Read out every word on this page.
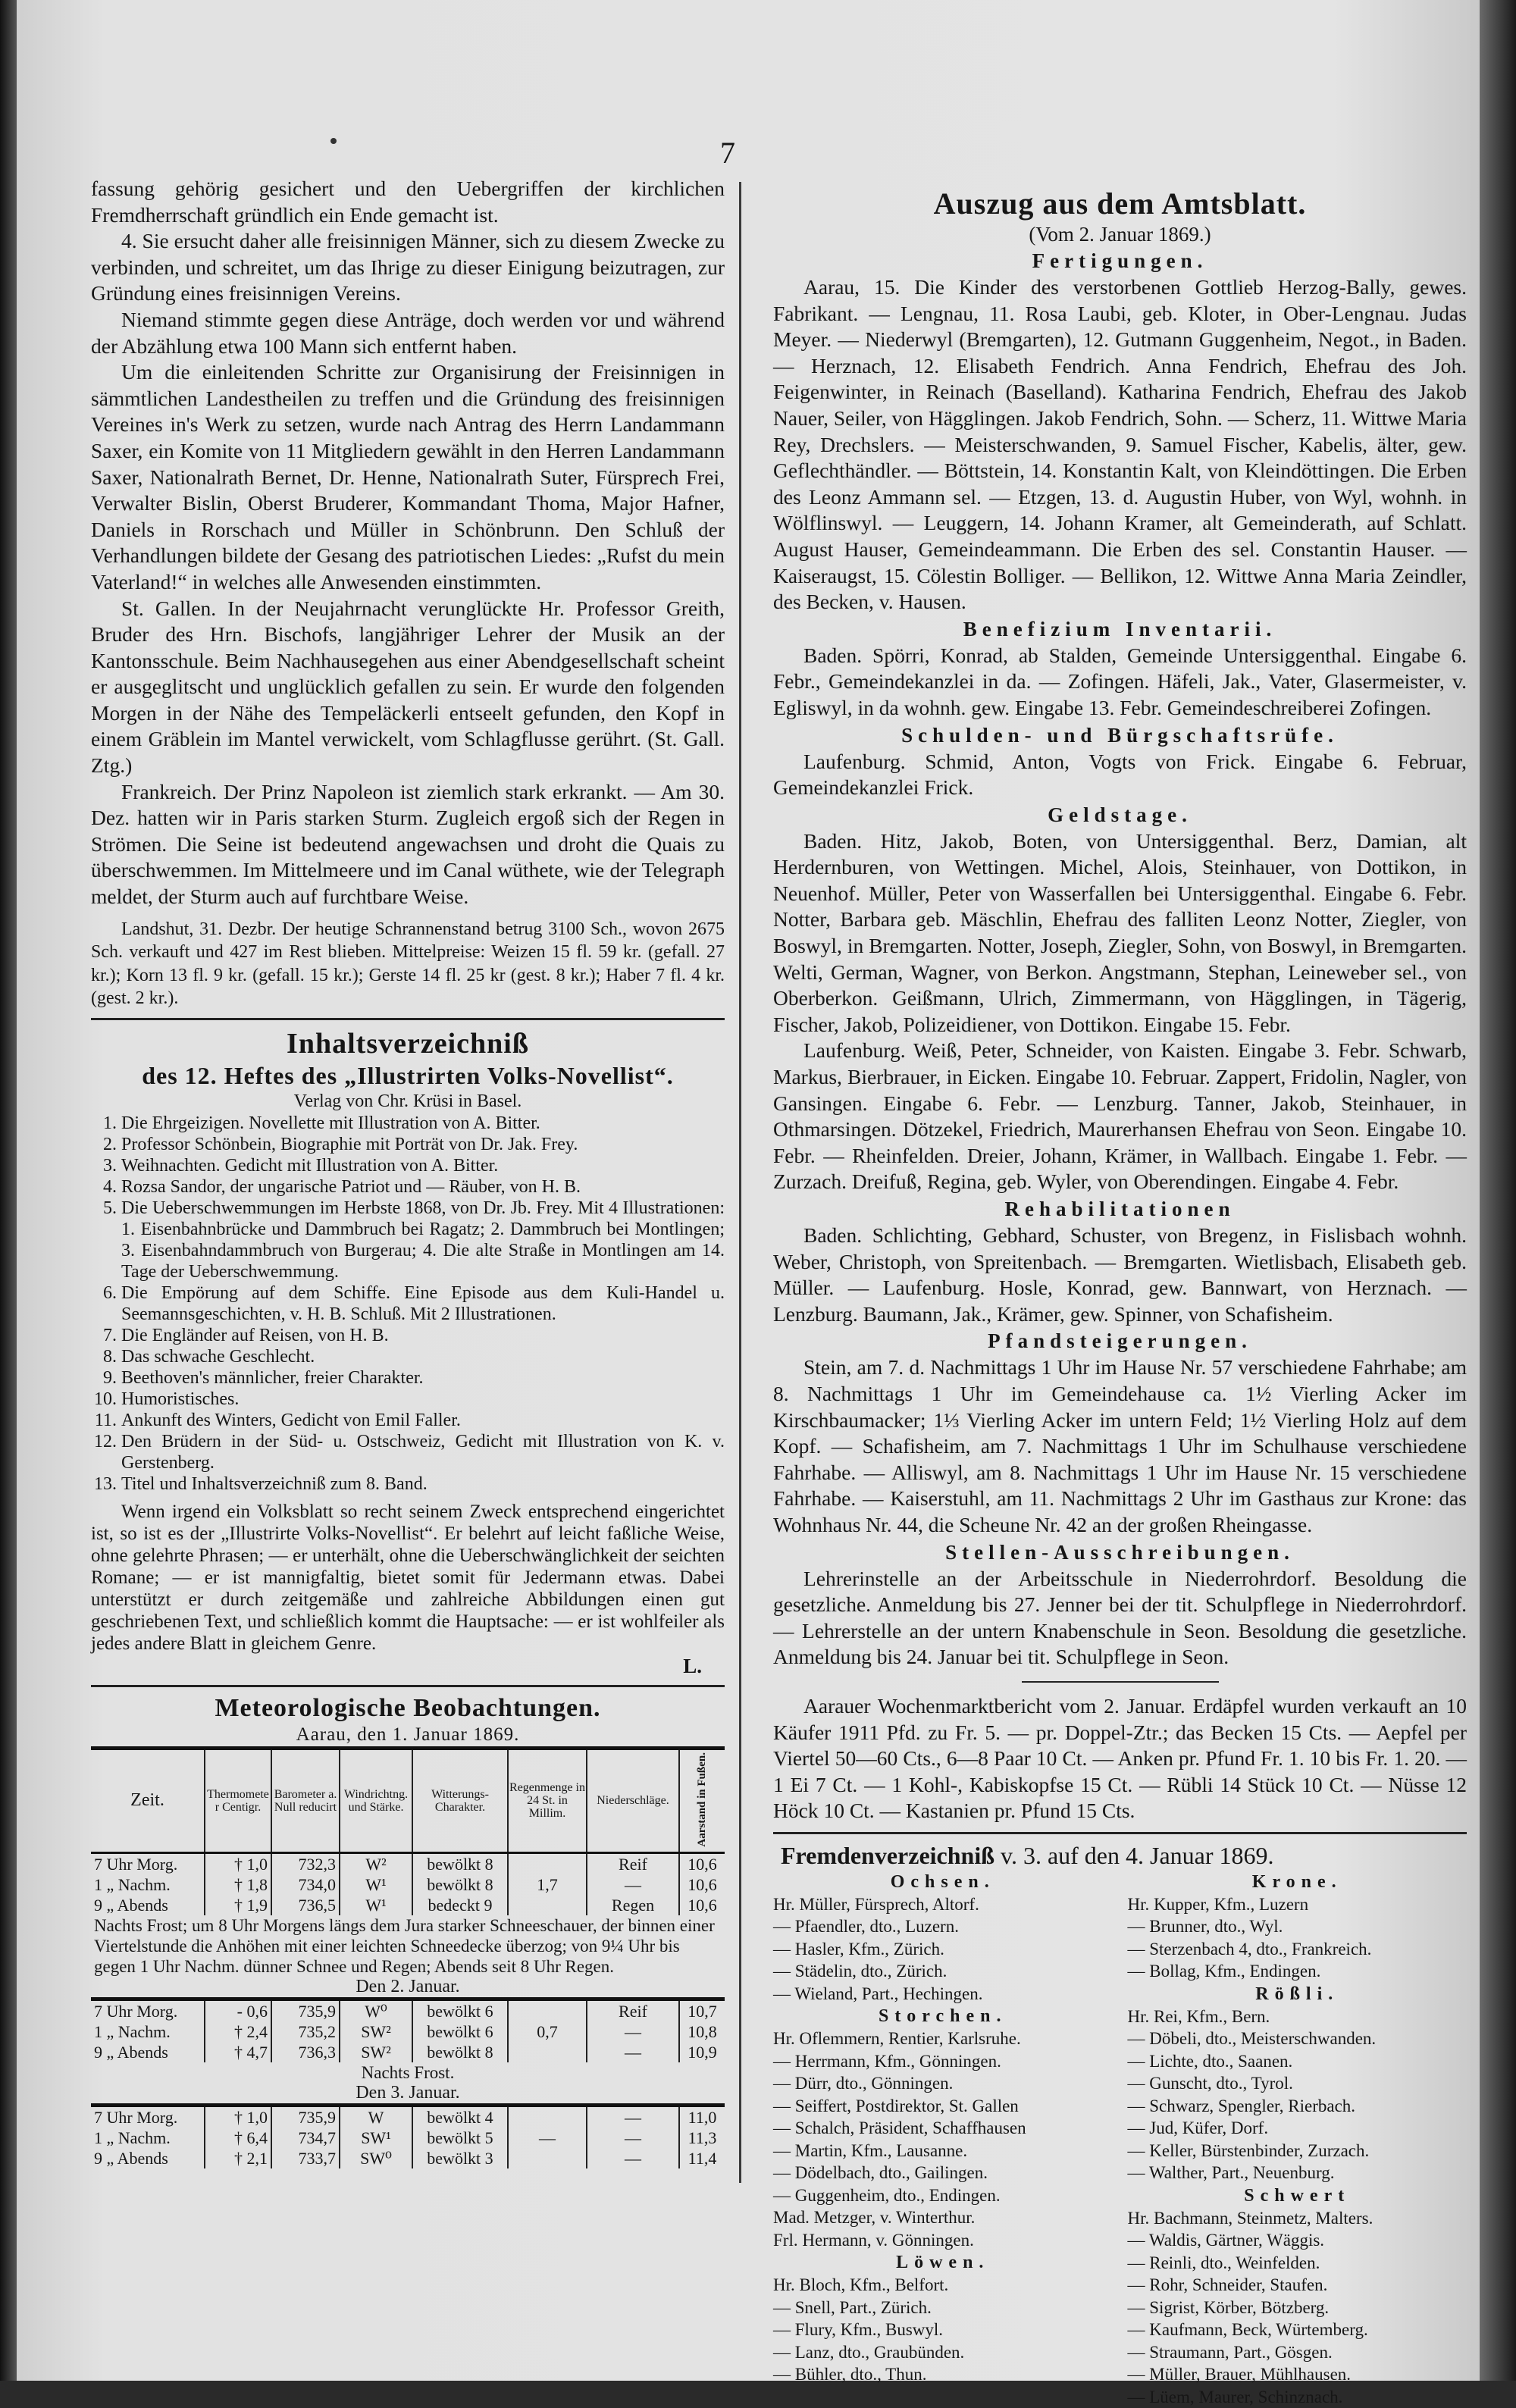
7

fassung gehörig gesichert und den Uebergriffen der kirchlichen Fremdherrschaft gründlich ein Ende gemacht ist.

4. Sie ersucht daher alle freisinnigen Männer, sich zu diesem Zwecke zu verbinden, und schreitet, um das Ihrige zu dieser Einigung beizutragen, zur Gründung eines freisinnigen Vereins.

Niemand stimmte gegen diese Anträge, doch werden vor und während der Abzählung etwa 100 Mann sich entfernt haben.

Um die einleitenden Schritte zur Organisirung der Freisinnigen in sämmtlichen Landestheilen zu treffen und die Gründung des freisinnigen Vereines in's Werk zu setzen, wurde nach Antrag des Herrn Landammann Saxer, ein Komite von 11 Mitgliedern gewählt in den Herren Landammann Saxer, Nationalrath Bernet, Dr. Henne, Nationalrath Suter, Fürsprech Frei, Verwalter Bislin, Oberst Bruderer, Kommandant Thoma, Major Hafner, Daniels in Rorschach und Müller in Schönbrunn. Den Schluß der Verhandlungen bildete der Gesang des patriotischen Liedes: „Rufst du mein Vaterland!“ in welches alle Anwesenden einstimmten.

St. Gallen. In der Neujahrnacht verunglückte Hr. Professor Greith, Bruder des Hrn. Bischofs, langjähriger Lehrer der Musik an der Kantonsschule. Beim Nachhausegehen aus einer Abendgesellschaft scheint er ausgeglitscht und unglücklich gefallen zu sein. Er wurde den folgenden Morgen in der Nähe des Tempeläckerli entseelt gefunden, den Kopf in einem Gräblein im Mantel verwickelt, vom Schlagflusse gerührt. (St. Gall. Ztg.)

Frankreich. Der Prinz Napoleon ist ziemlich stark erkrankt. — Am 30. Dez. hatten wir in Paris starken Sturm. Zugleich ergoß sich der Regen in Strömen. Die Seine ist bedeutend angewachsen und droht die Quais zu überschwemmen. Im Mittelmeere und im Canal wüthete, wie der Telegraph meldet, der Sturm auch auf furchtbare Weise.

Landshut, 31. Dezbr. Der heutige Schrannenstand betrug 3100 Sch., wovon 2675 Sch. verkauft und 427 im Rest blieben. Mittelpreise: Weizen 15 fl. 59 kr. (gefall. 27 kr.); Korn 13 fl. 9 kr. (gefall. 15 kr.); Gerste 14 fl. 25 kr (gest. 8 kr.); Haber 7 fl. 4 kr. (gest. 2 kr.).

Inhaltsverzeichniß
des 12. Heftes des „Illustrirten Volks-Novellist“.
Verlag von Chr. Krüsi in Basel.
1. Die Ehrgeizigen. Novellette mit Illustration von A. Bitter.
2. Professor Schönbein, Biographie mit Porträt von Dr. Jak. Frey.
3. Weihnachten. Gedicht mit Illustration von A. Bitter.
4. Rozsa Sandor, der ungarische Patriot und — Räuber, von H. B.
5. Die Ueberschwemmungen im Herbste 1868, von Dr. Jb. Frey. Mit 4 Illustrationen: 1. Eisenbahnbrücke und Dammbruch bei Ragatz; 2. Dammbruch bei Montlingen; 3. Eisenbahndammbruch von Burgerau; 4. Die alte Straße in Montlingen am 14. Tage der Ueberschwemmung.
6. Die Empörung auf dem Schiffe. Eine Episode aus dem Kuli-Handel u. Seemannsgeschichten, v. H. B. Schluß. Mit 2 Illustrationen.
7. Die Engländer auf Reisen, von H. B.
8. Das schwache Geschlecht.
9. Beethoven's männlicher, freier Charakter.
10. Humoristisches.
11. Ankunft des Winters, Gedicht von Emil Faller.
12. Den Brüdern in der Süd- u. Ostschweiz, Gedicht mit Illustration von K. v. Gerstenberg.
13. Titel und Inhaltsverzeichniß zum 8. Band.

Wenn irgend ein Volksblatt so recht seinem Zweck entsprechend eingerichtet ist, so ist es der „Illustrirte Volks-Novellist“. Er belehrt auf leicht faßliche Weise, ohne gelehrte Phrasen; — er unterhält, ohne die Ueberschwänglichkeit der seichten Romane; — er ist mannigfaltig, bietet somit für Jedermann etwas. Dabei unterstützt er durch zeitgemäße und zahlreiche Abbildungen einen gut geschriebenen Text, und schließlich kommt die Hauptsache: — er ist wohlfeiler als jedes andere Blatt in gleichem Genre.

L.
Meteorologische Beobachtungen.
Aarau, den 1. Januar 1869.
Zeit.	Thermometer Centigr.	Barometer a. Null reducirt	Windrichtng. und Stärke.	Witterungs-Charakter.	Regenmenge in 24 St. in Millim.	Niederschläge.	Aarstand in Fußen.
7 Uhr Morg.	† 1,0	732,3	W²	bewölkt 8		Reif	10,6
1 „ Nachm.	† 1,8	734,0	W¹	bewölkt 8	1,7	—	10,6
9 „ Abends	† 1,9	736,5	W¹	bedeckt 9		Regen	10,6
Nachts Frost; um 8 Uhr Morgens längs dem Jura starker Schneeschauer, der binnen einer Viertelstunde die Anhöhen mit einer leichten Schneedecke überzog; von 9¼ Uhr bis gegen 1 Uhr Nachm. dünner Schnee und Regen; Abends seit 8 Uhr Regen.							
Den 2. Januar.							
7 Uhr Morg.	- 0,6	735,9	W⁰	bewölkt 6		Reif	10,7
1 „ Nachm.	† 2,4	735,2	SW²	bewölkt 6	0,7	—	10,8
9 „ Abends	† 4,7	736,3	SW²	bewölkt 8		—	10,9
Nachts Frost.							
Den 3. Januar.							
7 Uhr Morg.	† 1,0	735,9	W	bewölkt 4		—	11,0
1 „ Nachm.	† 6,4	734,7	SW¹	bewölkt 5	—	—	11,3
9 „ Abends	† 2,1	733,7	SW⁰	bewölkt 3		—	11,4
Auszug aus dem Amtsblatt.
(Vom 2. Januar 1869.)
Fertigungen.

Aarau, 15. Die Kinder des verstorbenen Gottlieb Herzog-Bally, gewes. Fabrikant. — Lengnau, 11. Rosa Laubi, geb. Kloter, in Ober-Lengnau. Judas Meyer. — Niederwyl (Bremgarten), 12. Gutmann Guggenheim, Negot., in Baden. — Herznach, 12. Elisabeth Fendrich. Anna Fendrich, Ehefrau des Joh. Feigenwinter, in Reinach (Baselland). Katharina Fendrich, Ehefrau des Jakob Nauer, Seiler, von Hägglingen. Jakob Fendrich, Sohn. — Scherz, 11. Wittwe Maria Rey, Drechslers. — Meisterschwanden, 9. Samuel Fischer, Kabelis, älter, gew. Geflechthändler. — Böttstein, 14. Konstantin Kalt, von Kleindöttingen. Die Erben des Leonz Ammann sel. — Etzgen, 13. d. Augustin Huber, von Wyl, wohnh. in Wölflinswyl. — Leuggern, 14. Johann Kramer, alt Gemeinderath, auf Schlatt. August Hauser, Gemeindeammann. Die Erben des sel. Constantin Hauser. — Kaiseraugst, 15. Cölestin Bolliger. — Bellikon, 12. Wittwe Anna Maria Zeindler, des Becken, v. Hausen.

Benefizium Inventarii.

Baden. Spörri, Konrad, ab Stalden, Gemeinde Untersiggenthal. Eingabe 6. Febr., Gemeindekanzlei in da. — Zofingen. Häfeli, Jak., Vater, Glasermeister, v. Egliswyl, in da wohnh. gew. Eingabe 13. Febr. Gemeindeschreiberei Zofingen.

Schulden- und Bürgschaftsrüfe.

Laufenburg. Schmid, Anton, Vogts von Frick. Eingabe 6. Februar, Gemeindekanzlei Frick.

Geldstage.

Baden. Hitz, Jakob, Boten, von Untersiggenthal. Berz, Damian, alt Herdernburen, von Wettingen. Michel, Alois, Steinhauer, von Dottikon, in Neuenhof. Müller, Peter von Wasserfallen bei Untersiggenthal. Eingabe 6. Febr. Notter, Barbara geb. Mäschlin, Ehefrau des falliten Leonz Notter, Ziegler, von Boswyl, in Bremgarten. Notter, Joseph, Ziegler, Sohn, von Boswyl, in Bremgarten. Welti, German, Wagner, von Berkon. Angstmann, Stephan, Leineweber sel., von Oberberkon. Geißmann, Ulrich, Zimmermann, von Hägglingen, in Tägerig, Fischer, Jakob, Polizeidiener, von Dottikon. Eingabe 15. Febr.

Laufenburg. Weiß, Peter, Schneider, von Kaisten. Eingabe 3. Febr. Schwarb, Markus, Bierbrauer, in Eicken. Eingabe 10. Februar. Zappert, Fridolin, Nagler, von Gansingen. Eingabe 6. Febr. — Lenzburg. Tanner, Jakob, Steinhauer, in Othmarsingen. Dötzekel, Friedrich, Maurerhansen Ehefrau von Seon. Eingabe 10. Febr. — Rheinfelden. Dreier, Johann, Krämer, in Wallbach. Eingabe 1. Febr. — Zurzach. Dreifuß, Regina, geb. Wyler, von Oberendingen. Eingabe 4. Febr.

Rehabilitationen

Baden. Schlichting, Gebhard, Schuster, von Bregenz, in Fislisbach wohnh. Weber, Christoph, von Spreitenbach. — Bremgarten. Wietlisbach, Elisabeth geb. Müller. — Laufenburg. Hosle, Konrad, gew. Bannwart, von Herznach. — Lenzburg. Baumann, Jak., Krämer, gew. Spinner, von Schafisheim.

Pfandsteigerungen.

Stein, am 7. d. Nachmittags 1 Uhr im Hause Nr. 57 verschiedene Fahrhabe; am 8. Nachmittags 1 Uhr im Gemeindehause ca. 1½ Vierling Acker im Kirschbaumacker; 1⅓ Vierling Acker im untern Feld; 1½ Vierling Holz auf dem Kopf. — Schafisheim, am 7. Nachmittags 1 Uhr im Schulhause verschiedene Fahrhabe. — Alliswyl, am 8. Nachmittags 1 Uhr im Hause Nr. 15 verschiedene Fahrhabe. — Kaiserstuhl, am 11. Nachmittags 2 Uhr im Gasthaus zur Krone: das Wohnhaus Nr. 44, die Scheune Nr. 42 an der großen Rheingasse.

Stellen-Ausschreibungen.

Lehrerinstelle an der Arbeitsschule in Niederrohrdorf. Besoldung die gesetzliche. Anmeldung bis 27. Jenner bei der tit. Schulpflege in Niederrohrdorf. — Lehrerstelle an der untern Knabenschule in Seon. Besoldung die gesetzliche. Anmeldung bis 24. Januar bei tit. Schulpflege in Seon.

Aarauer Wochenmarktbericht vom 2. Januar. Erdäpfel wurden verkauft an 10 Käufer 1911 Pfd. zu Fr. 5. — pr. Doppel-Ztr.; das Becken 15 Cts. — Aepfel per Viertel 50—60 Cts., 6—8 Paar 10 Ct. — Anken pr. Pfund Fr. 1. 10 bis Fr. 1. 20. — 1 Ei 7 Ct. — 1 Kohl-, Kabiskopfse 15 Ct. — Rübli 14 Stück 10 Ct. — Nüsse 12 Höck 10 Ct. — Kastanien pr. Pfund 15 Cts.

Fremdenverzeichniß v. 3. auf den 4. Januar 1869.
Ochsen.
Hr. Müller, Fürsprech, Altorf.
— Pfaendler, dto., Luzern.
— Hasler, Kfm., Zürich.
— Städelin, dto., Zürich.
— Wieland, Part., Hechingen.
Storchen.
Hr. Oflemmern, Rentier, Karlsruhe.
— Herrmann, Kfm., Gönningen.
— Dürr, dto., Gönningen.
— Seiffert, Postdirektor, St. Gallen
— Schalch, Präsident, Schaffhausen
— Martin, Kfm., Lausanne.
— Dödelbach, dto., Gailingen.
— Guggenheim, dto., Endingen.
Mad. Metzger, v. Winterthur.
Frl. Hermann, v. Gönningen.
Löwen.
Hr. Bloch, Kfm., Belfort.
— Snell, Part., Zürich.
— Flury, Kfm., Buswyl.
— Lanz, dto., Graubünden.
— Bühler, dto., Thun.
Krone.
Hr. Kupper, Kfm., Luzern
— Brunner, dto., Wyl.
— Sterzenbach 4, dto., Frankreich.
— Bollag, Kfm., Endingen.
Rößli.
Hr. Rei, Kfm., Bern.
— Döbeli, dto., Meisterschwanden.
— Lichte, dto., Saanen.
— Gunscht, dto., Tyrol.
— Schwarz, Spengler, Rierbach.
— Jud, Küfer, Dorf.
— Keller, Bürstenbinder, Zurzach.
— Walther, Part., Neuenburg.
Schwert
Hr. Bachmann, Steinmetz, Malters.
— Waldis, Gärtner, Wäggis.
— Reinli, dto., Weinfelden.
— Rohr, Schneider, Staufen.
— Sigrist, Körber, Bötzberg.
— Kaufmann, Beck, Würtemberg.
— Straumann, Part., Gösgen.
— Müller, Brauer, Mühlhausen.
— Lüem, Maurer, Schinznach.
